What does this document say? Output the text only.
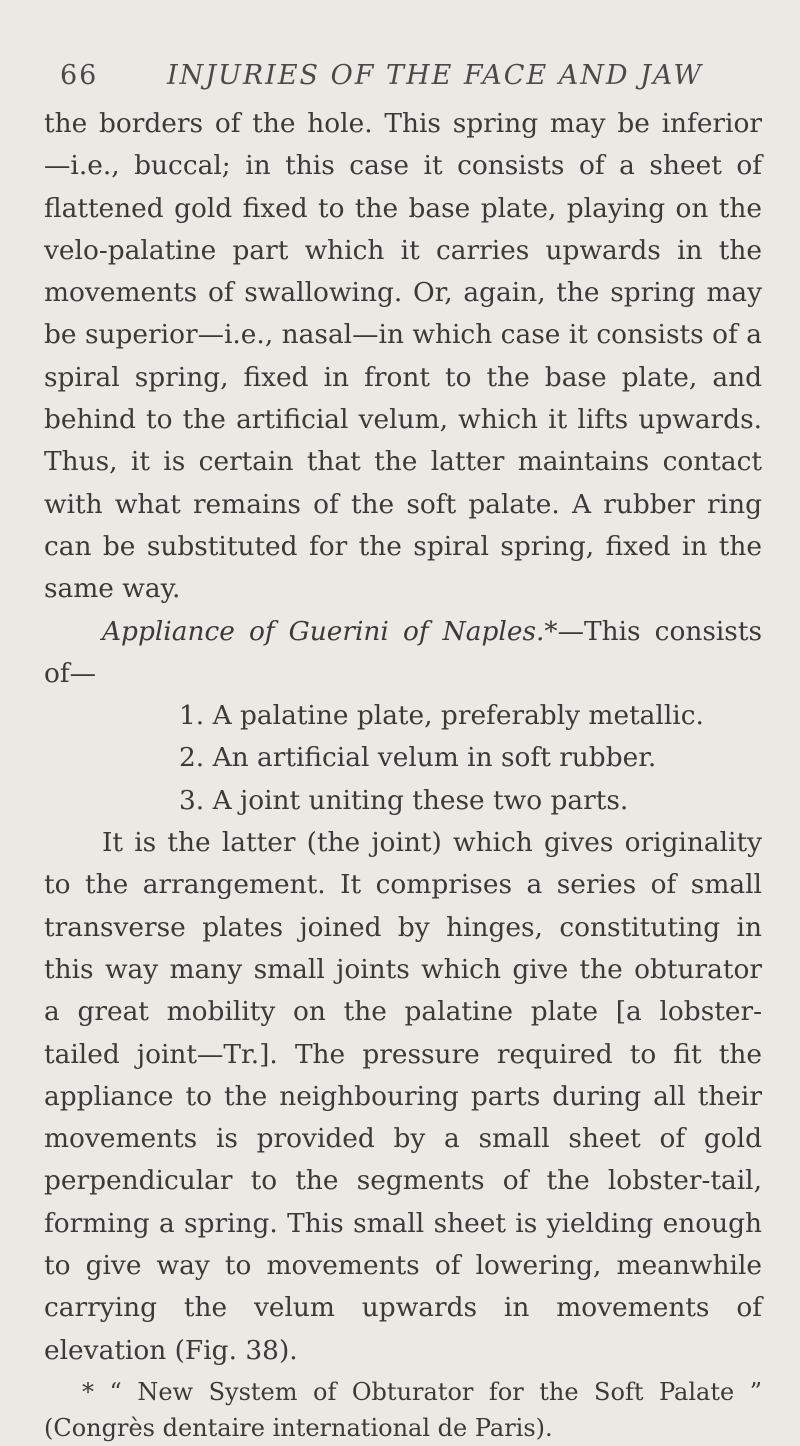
66	INJURIES OF THE FACE AND JAW

the borders of the hole. This spring may be inferior —i.e., buccal; in this case it consists of a sheet of flattened gold fixed to the base plate, playing on the velo-palatine part which it carries upwards in the movements of swallowing. Or, again, the spring may be superior—i.e., nasal—in which case it consists of a spiral spring, fixed in front to the base plate, and behind to the artificial velum, which it lifts upwards. Thus, it is certain that the latter maintains contact with what remains of the soft palate. A rubber ring can be substituted for the spiral spring, fixed in the same way.

Appliance of Guerini of Naples.*—This consists of—

1. A palatine plate, preferably metallic.
2. An artificial velum in soft rubber.
3. A joint uniting these two parts.

It is the latter (the joint) which gives originality to the arrangement. It comprises a series of small transverse plates joined by hinges, constituting in this way many small joints which give the obturator a great mobility on the palatine plate [a lobster-tailed joint—Tr.]. The pressure required to fit the appliance to the neighbouring parts during all their movements is provided by a small sheet of gold perpendicular to the segments of the lobster-tail, forming a spring. This small sheet is yielding enough to give way to movements of lowering, meanwhile carrying the velum upwards in movements of elevation (Fig. 38).

* “ New System of Obturator for the Soft Palate ” (Congrès dentaire international de Paris).
